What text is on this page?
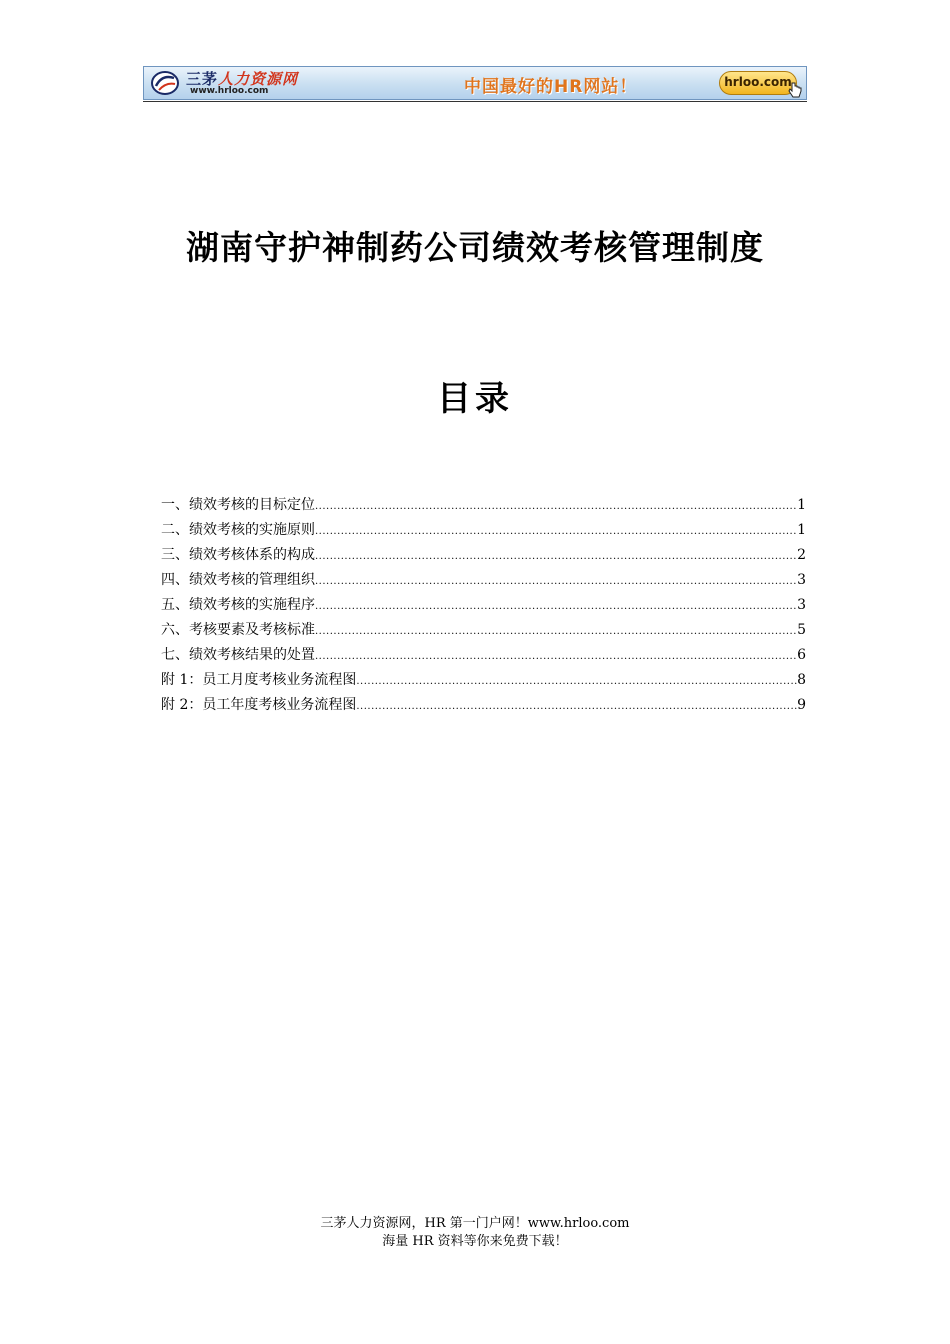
三茅人力资源网
www.hrloo.com	中国最好的HR网站！	hrloo.com
湖南守护神制药公司绩效考核管理制度
目录
一、绩效考核的目标定位 .....	1
二、绩效考核的实施原则 .....	1
三、绩效考核体系的构成 .....	2
四、绩效考核的管理组织 .....	3
五、绩效考核的实施程序 .....	3
六、考核要素及考核标准 .....	5
七、绩效考核结果的处置 .....	6
附 1：员工月度考核业务流程图 .....	8
附 2：员工年度考核业务流程图 .....	9
三茅人力资源网，HR 第一门户网！www.hrloo.com
海量 HR 资料等你来免费下载！
